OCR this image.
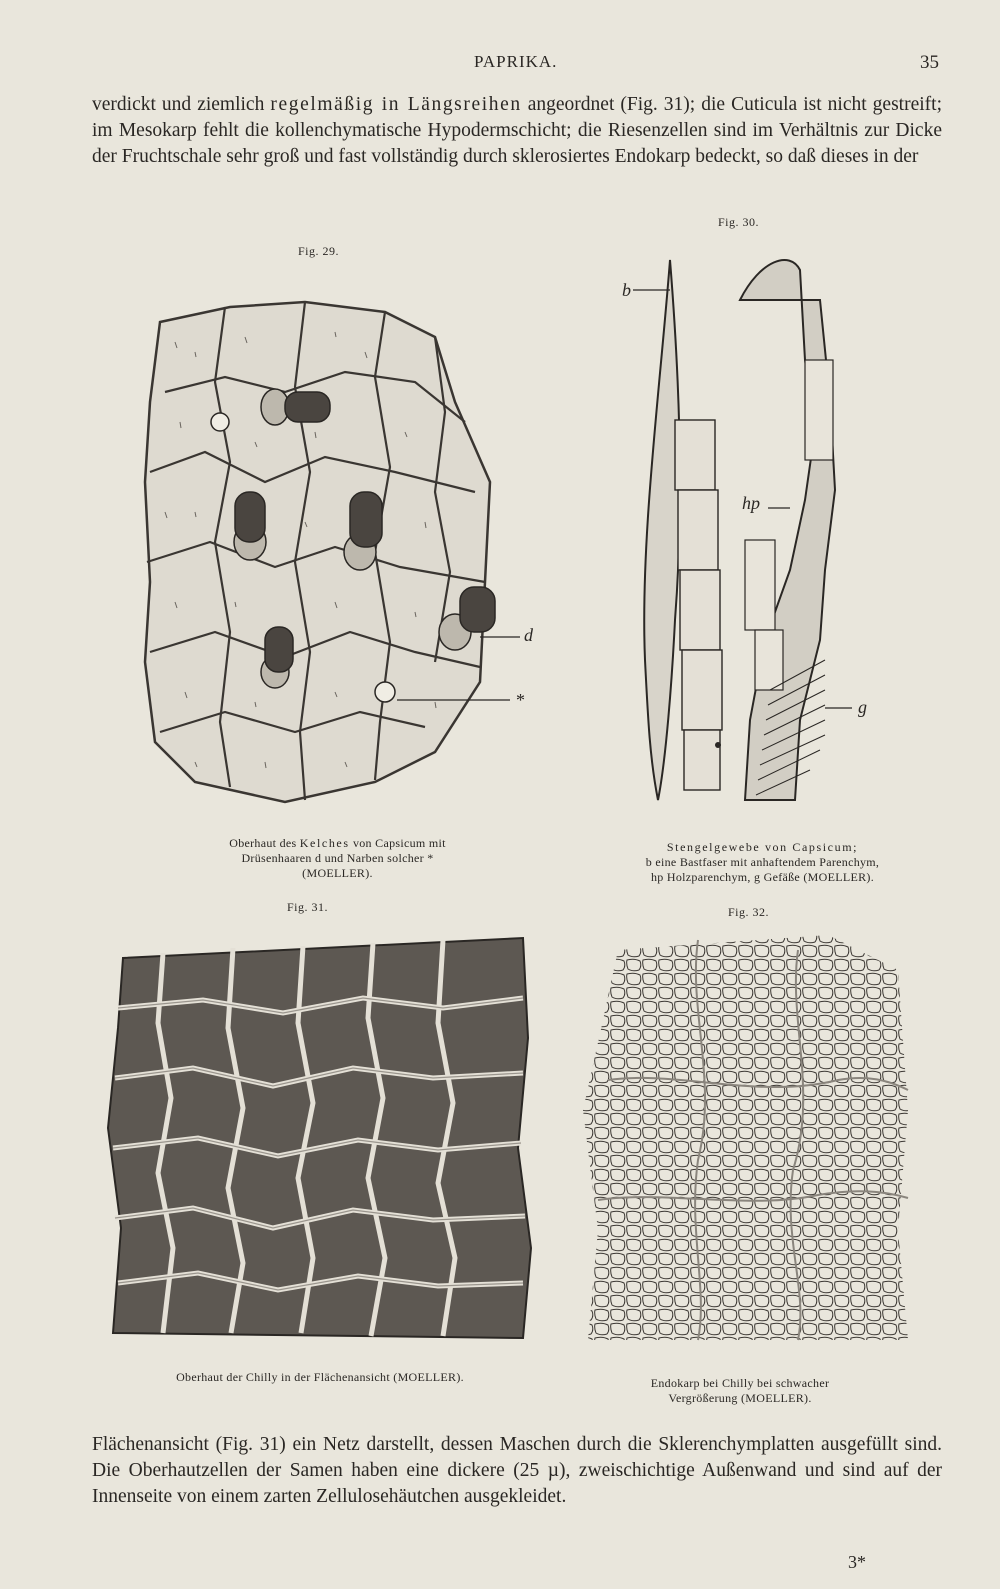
PAPRIKA.	35

verdickt und ziemlich regelmäßig in Längsreihen angeordnet (Fig. 31); die Cuticula ist nicht gestreift; im Mesokarp fehlt die kollenchymatische Hypodermschicht; die Riesenzellen sind im Verhältnis zur Dicke der Fruchtschale sehr groß und fast vollständig durch sklerosiertes Endokarp bedeckt, so daß dieses in der

Fig. 29.
d
*
Fig. 30.
b
hp
g
Oberhaut des Kelches von Capsicum mit
Drüsenhaaren d und Narben solcher *
(MOELLER).
Stengelgewebe von Capsicum;
b eine Bastfaser mit anhaftendem Parenchym,
hp Holzparenchym, g Gefäße (MOELLER).
Fig. 31.
Oberhaut der Chilly in der Flächenansicht (MOELLER).
Fig. 32.
Endokarp bei Chilly bei schwacher
Vergrößerung (MOELLER).

Flächenansicht (Fig. 31) ein Netz darstellt, dessen Maschen durch die Sklerenchymplatten ausgefüllt sind. Die Oberhautzellen der Samen haben eine dickere (25 µ), zweischichtige Außenwand und sind auf der Innenseite von einem zarten Zellulosehäutchen ausgekleidet.

3*
